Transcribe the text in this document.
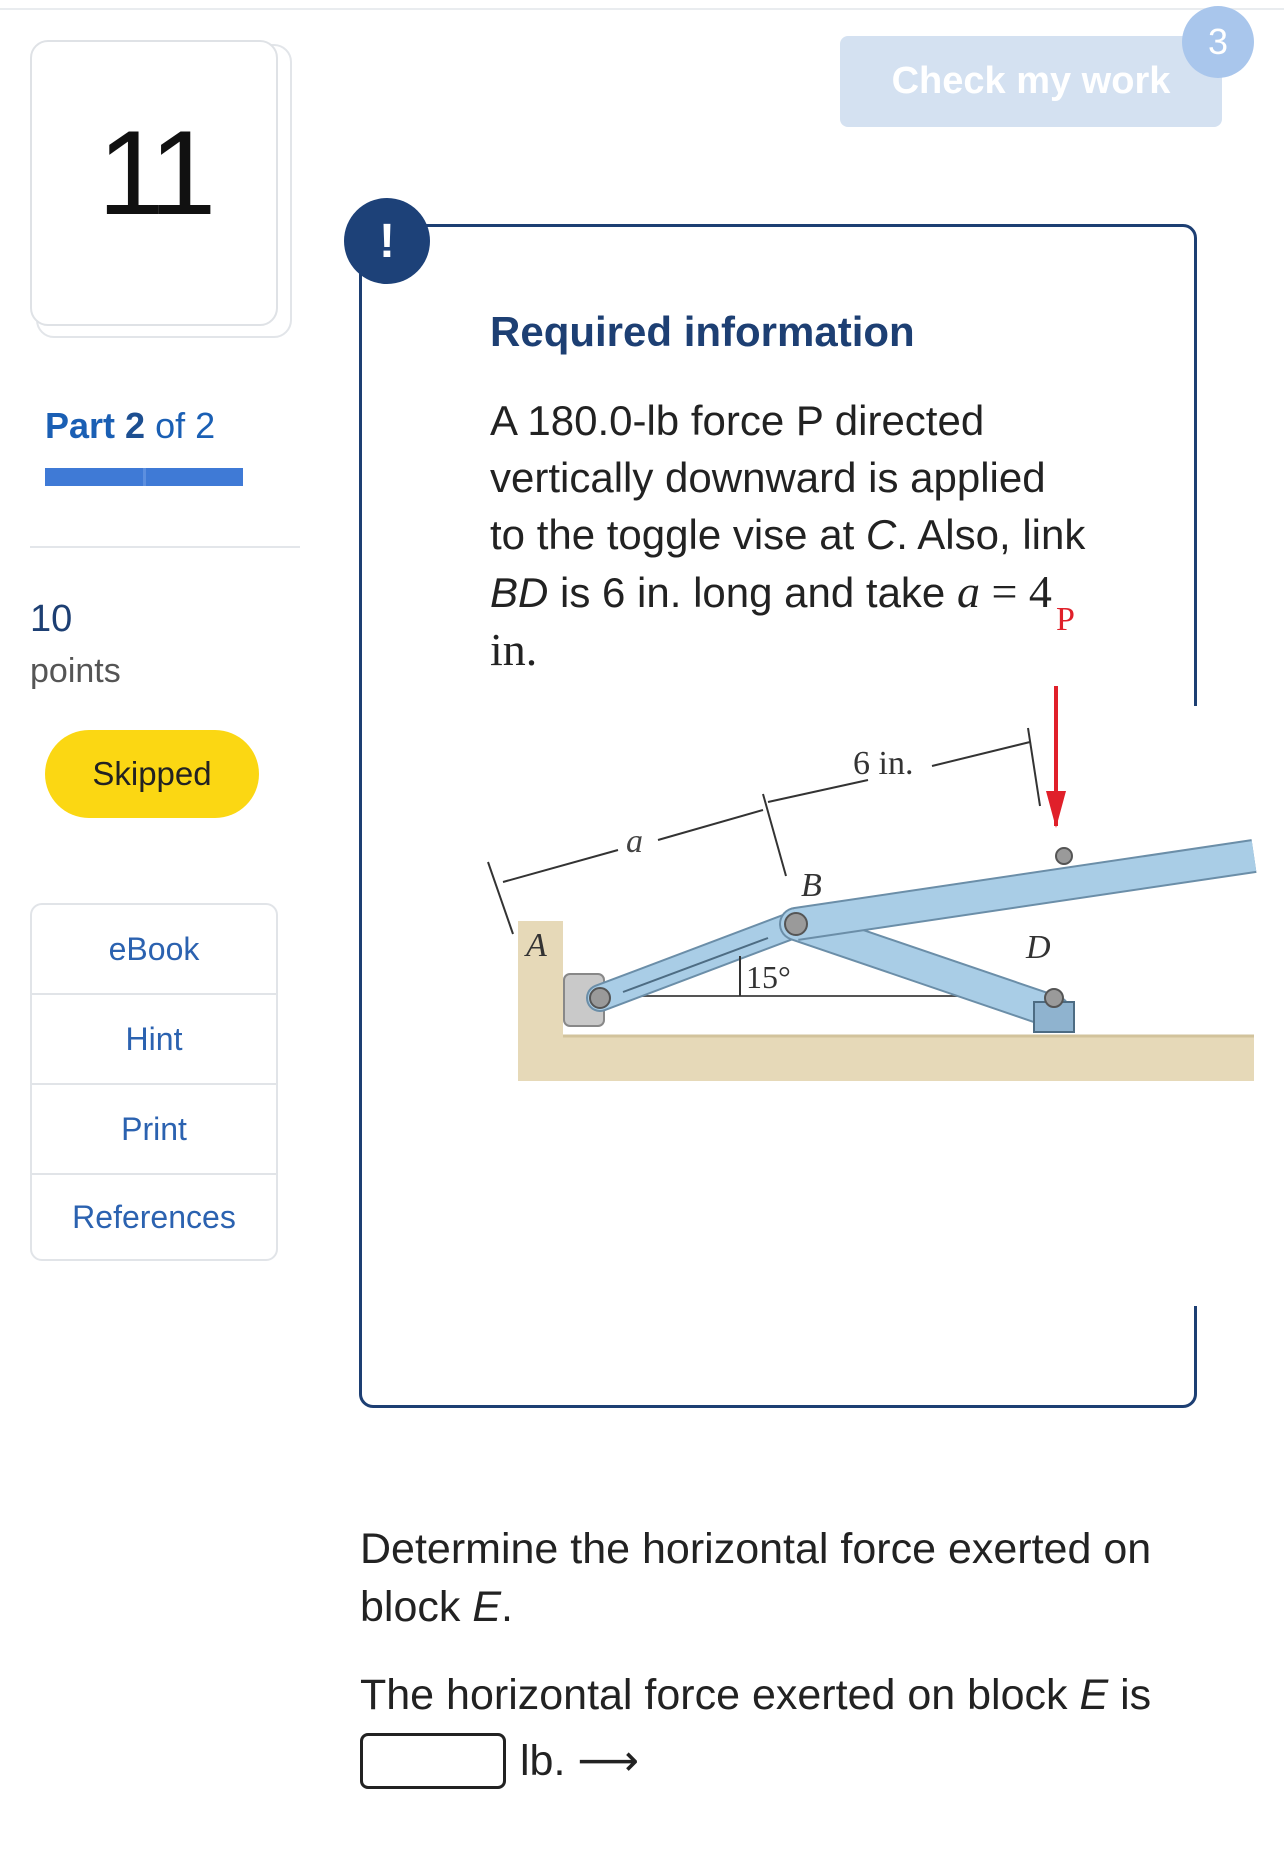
11
Part 2 of 2
10
points
Skipped
eBook
Hint
Print
References
Check my work
3
!
Required information
A 180.0-lb force P directed vertically downward is applied to the toggle vise at C. Also, link BD is 6 in. long and take a = 4 in.
P
a
6 in.
B
A	D
15°
Determine the horizontal force exerted on block E.
The horizontal force exerted on block E is
lb. ⟶
